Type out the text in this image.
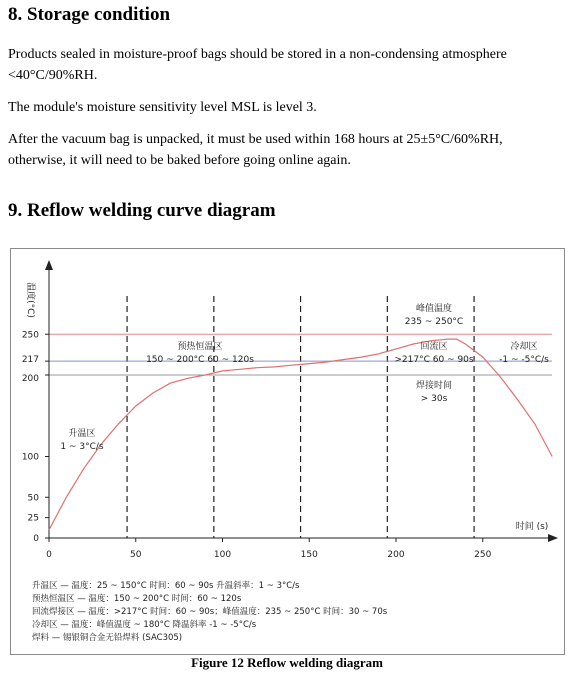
8. Storage condition

Products sealed in moisture-proof bags should be stored in a non-condensing atmosphere

<40°C/90%RH.

The module's moisture sensitivity level MSL is level 3.

After the vacuum bag is unpacked, it must be used within 168 hours at 25±5°C/60%RH,

otherwise, it will need to be baked before going online again.

9. Reflow welding curve diagram
0	50	100	150	200	250
0
25
50
100
200
217
250
升温区
1 ~ 3°C/s
预热恒温区
150 ~ 200°C 60 ~ 120s
回流区
>217°C 60 ~ 90s
峰值温度
235 ~ 250°C
焊接时间
> 30s
冷却区
-1 ~ -5°C/s
温度(°C)
时间 (s)
升温区 — 温度：25 ~ 150°C 时间：60 ~ 90s 升温斜率：1 ~ 3°C/s
预热恒温区 — 温度：150 ~ 200°C 时间：60 ~ 120s
回流焊接区 — 温度：>217°C 时间：60 ~ 90s；峰值温度：235 ~ 250°C 时间：30 ~ 70s
冷却区 — 温度：峰值温度 ~ 180°C 降温斜率 -1 ~ -5°C/s
焊料 — 锡银铜合金无铅焊料 (SAC305)
Figure 12 Reflow welding diagram
